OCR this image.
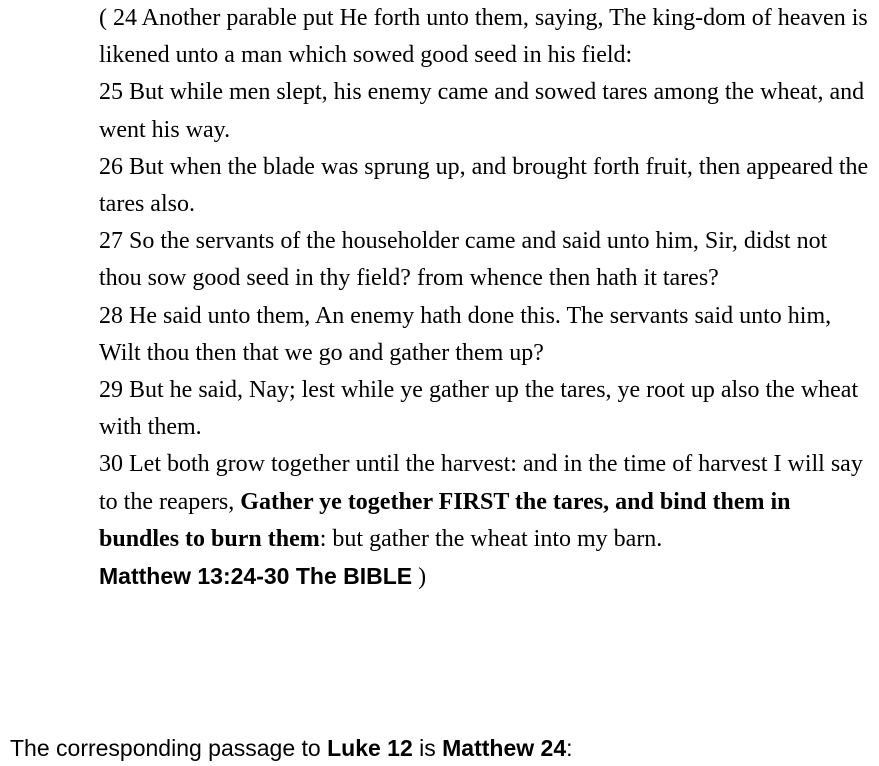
( 24 Another parable put He forth unto them, saying, The king-dom of heaven is likened unto a man which sowed good seed in his field:

25 But while men slept, his enemy came and sowed tares among the wheat, and went his way.

26 But when the blade was sprung up, and brought forth fruit, then appeared the tares also.

27 So the servants of the householder came and said unto him, Sir, didst not thou sow good seed in thy field? from whence then hath it tares?

28 He said unto them, An enemy hath done this. The servants said unto him, Wilt thou then that we go and gather them up?

29 But he said, Nay; lest while ye gather up the tares, ye root up also the wheat with them.

30 Let both grow together until the harvest: and in the time of harvest I will say to the reapers, Gather ye together FIRST the tares, and bind them in bundles to burn them: but gather the wheat into my barn.

Matthew 13:24-30 The BIBLE )

The corresponding passage to Luke 12 is Matthew 24:
